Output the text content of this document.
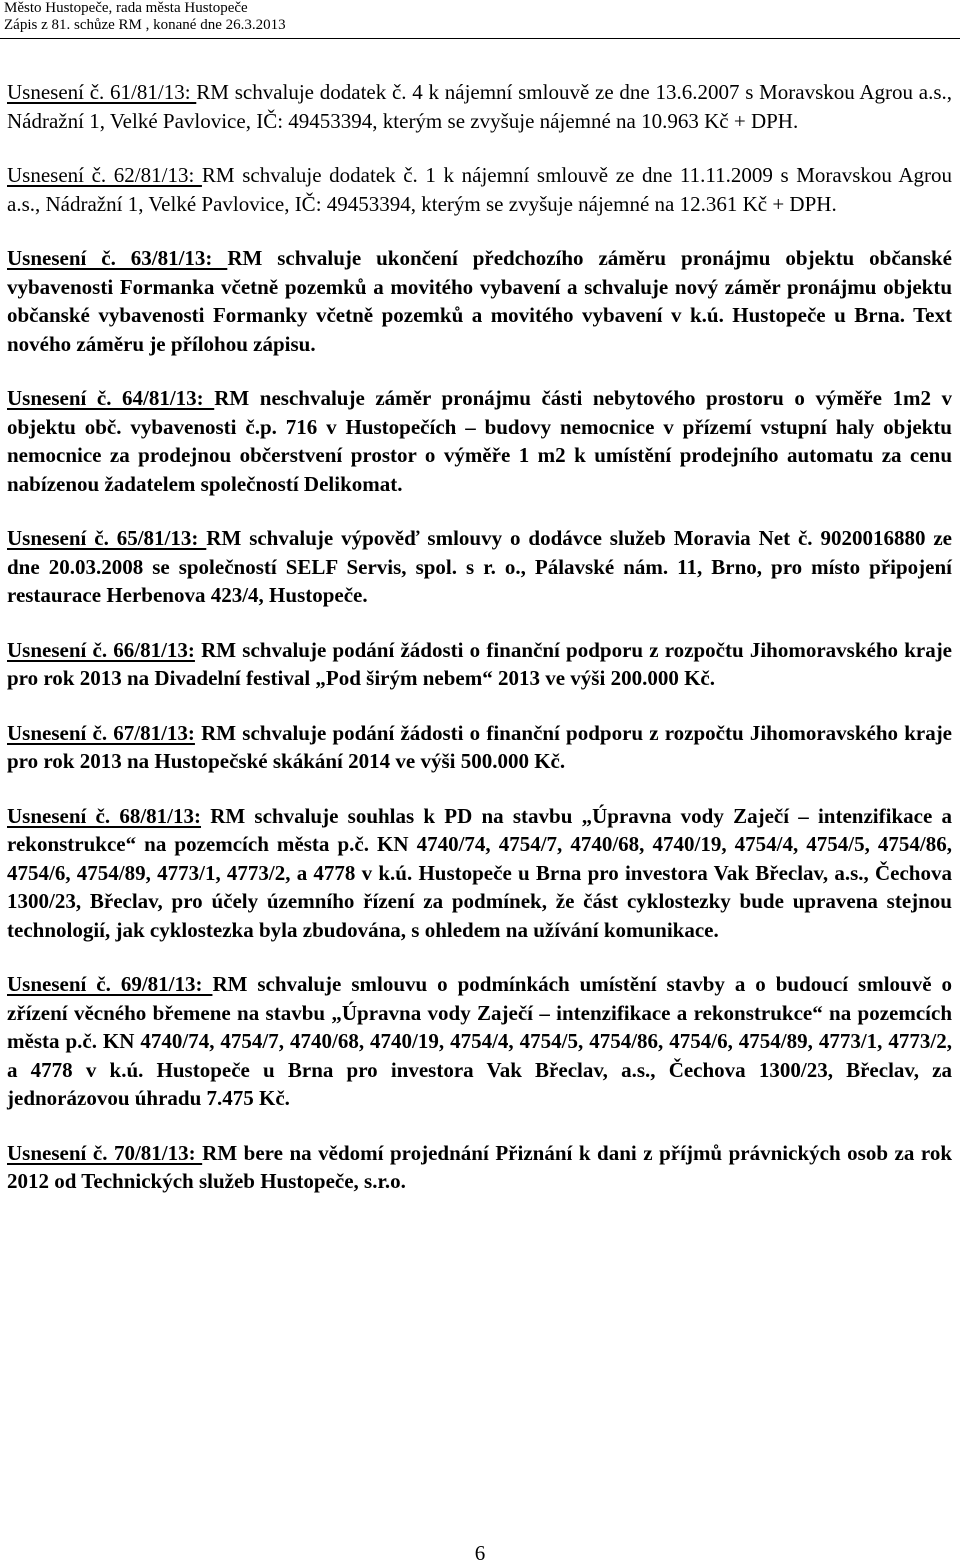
Město Hustopeče, rada města Hustopeče
Zápis z 81. schůze RM , konané dne 26.3.2013

Usnesení č. 61/81/13: RM schvaluje dodatek č. 4 k nájemní smlouvě ze dne 13.6.2007 s Moravskou Agrou a.s., Nádražní 1, Velké Pavlovice, IČ: 49453394, kterým se zvyšuje nájemné na 10.963 Kč + DPH.

Usnesení č. 62/81/13: RM schvaluje dodatek č. 1 k nájemní smlouvě ze dne 11.11.2009 s Moravskou Agrou a.s., Nádražní 1, Velké Pavlovice, IČ: 49453394, kterým se zvyšuje nájemné na 12.361 Kč + DPH.

Usnesení č. 63/81/13: RM schvaluje ukončení předchozího záměru pronájmu objektu občanské vybavenosti Formanka včetně pozemků a movitého vybavení a schvaluje nový záměr pronájmu objektu občanské vybavenosti Formanky včetně pozemků a movitého vybavení v k.ú. Hustopeče u Brna. Text nového záměru je přílohou zápisu.

Usnesení č. 64/81/13: RM neschvaluje záměr pronájmu části nebytového prostoru o výměře 1m2 v objektu obč. vybavenosti č.p. 716 v Hustopečích – budovy nemocnice v přízemí vstupní haly objektu nemocnice za prodejnou občerstvení prostor o výměře 1 m2 k umístění prodejního automatu za cenu nabízenou žadatelem společností Delikomat.

Usnesení č. 65/81/13: RM schvaluje výpověď smlouvy o dodávce služeb Moravia Net č. 9020016880 ze dne 20.03.2008 se společností SELF Servis, spol. s r. o., Pálavské nám. 11, Brno, pro místo připojení restaurace Herbenova 423/4, Hustopeče.

Usnesení č. 66/81/13: RM schvaluje podání žádosti o finanční podporu z rozpočtu Jihomoravského kraje pro rok 2013 na Divadelní festival „Pod širým nebem“ 2013 ve výši 200.000 Kč.

Usnesení č. 67/81/13: RM schvaluje podání žádosti o finanční podporu z rozpočtu Jihomoravského kraje pro rok 2013 na Hustopečské skákání 2014 ve výši 500.000 Kč.

Usnesení č. 68/81/13: RM schvaluje souhlas k PD na stavbu „Úpravna vody Zaječí – intenzifikace a rekonstrukce“ na pozemcích města p.č. KN 4740/74, 4754/7, 4740/68, 4740/19, 4754/4, 4754/5, 4754/86, 4754/6, 4754/89, 4773/1, 4773/2, a 4778 v k.ú. Hustopeče u Brna pro investora Vak Břeclav, a.s., Čechova 1300/23, Břeclav, pro účely územního řízení za podmínek, že část cyklostezky bude upravena stejnou technologií, jak cyklostezka byla zbudována, s ohledem na užívání komunikace.

Usnesení č. 69/81/13: RM schvaluje smlouvu o podmínkách umístění stavby a o budoucí smlouvě o zřízení věcného břemene na stavbu „Úpravna vody Zaječí – intenzifikace a rekonstrukce“ na pozemcích města p.č. KN 4740/74, 4754/7, 4740/68, 4740/19, 4754/4, 4754/5, 4754/86, 4754/6, 4754/89, 4773/1, 4773/2, a 4778 v k.ú. Hustopeče u Brna pro investora Vak Břeclav, a.s., Čechova 1300/23, Břeclav, za jednorázovou úhradu 7.475 Kč.

Usnesení č. 70/81/13: RM bere na vědomí projednání Přiznání k dani z příjmů právnických osob za rok 2012 od Technických služeb Hustopeče, s.r.o.

6
